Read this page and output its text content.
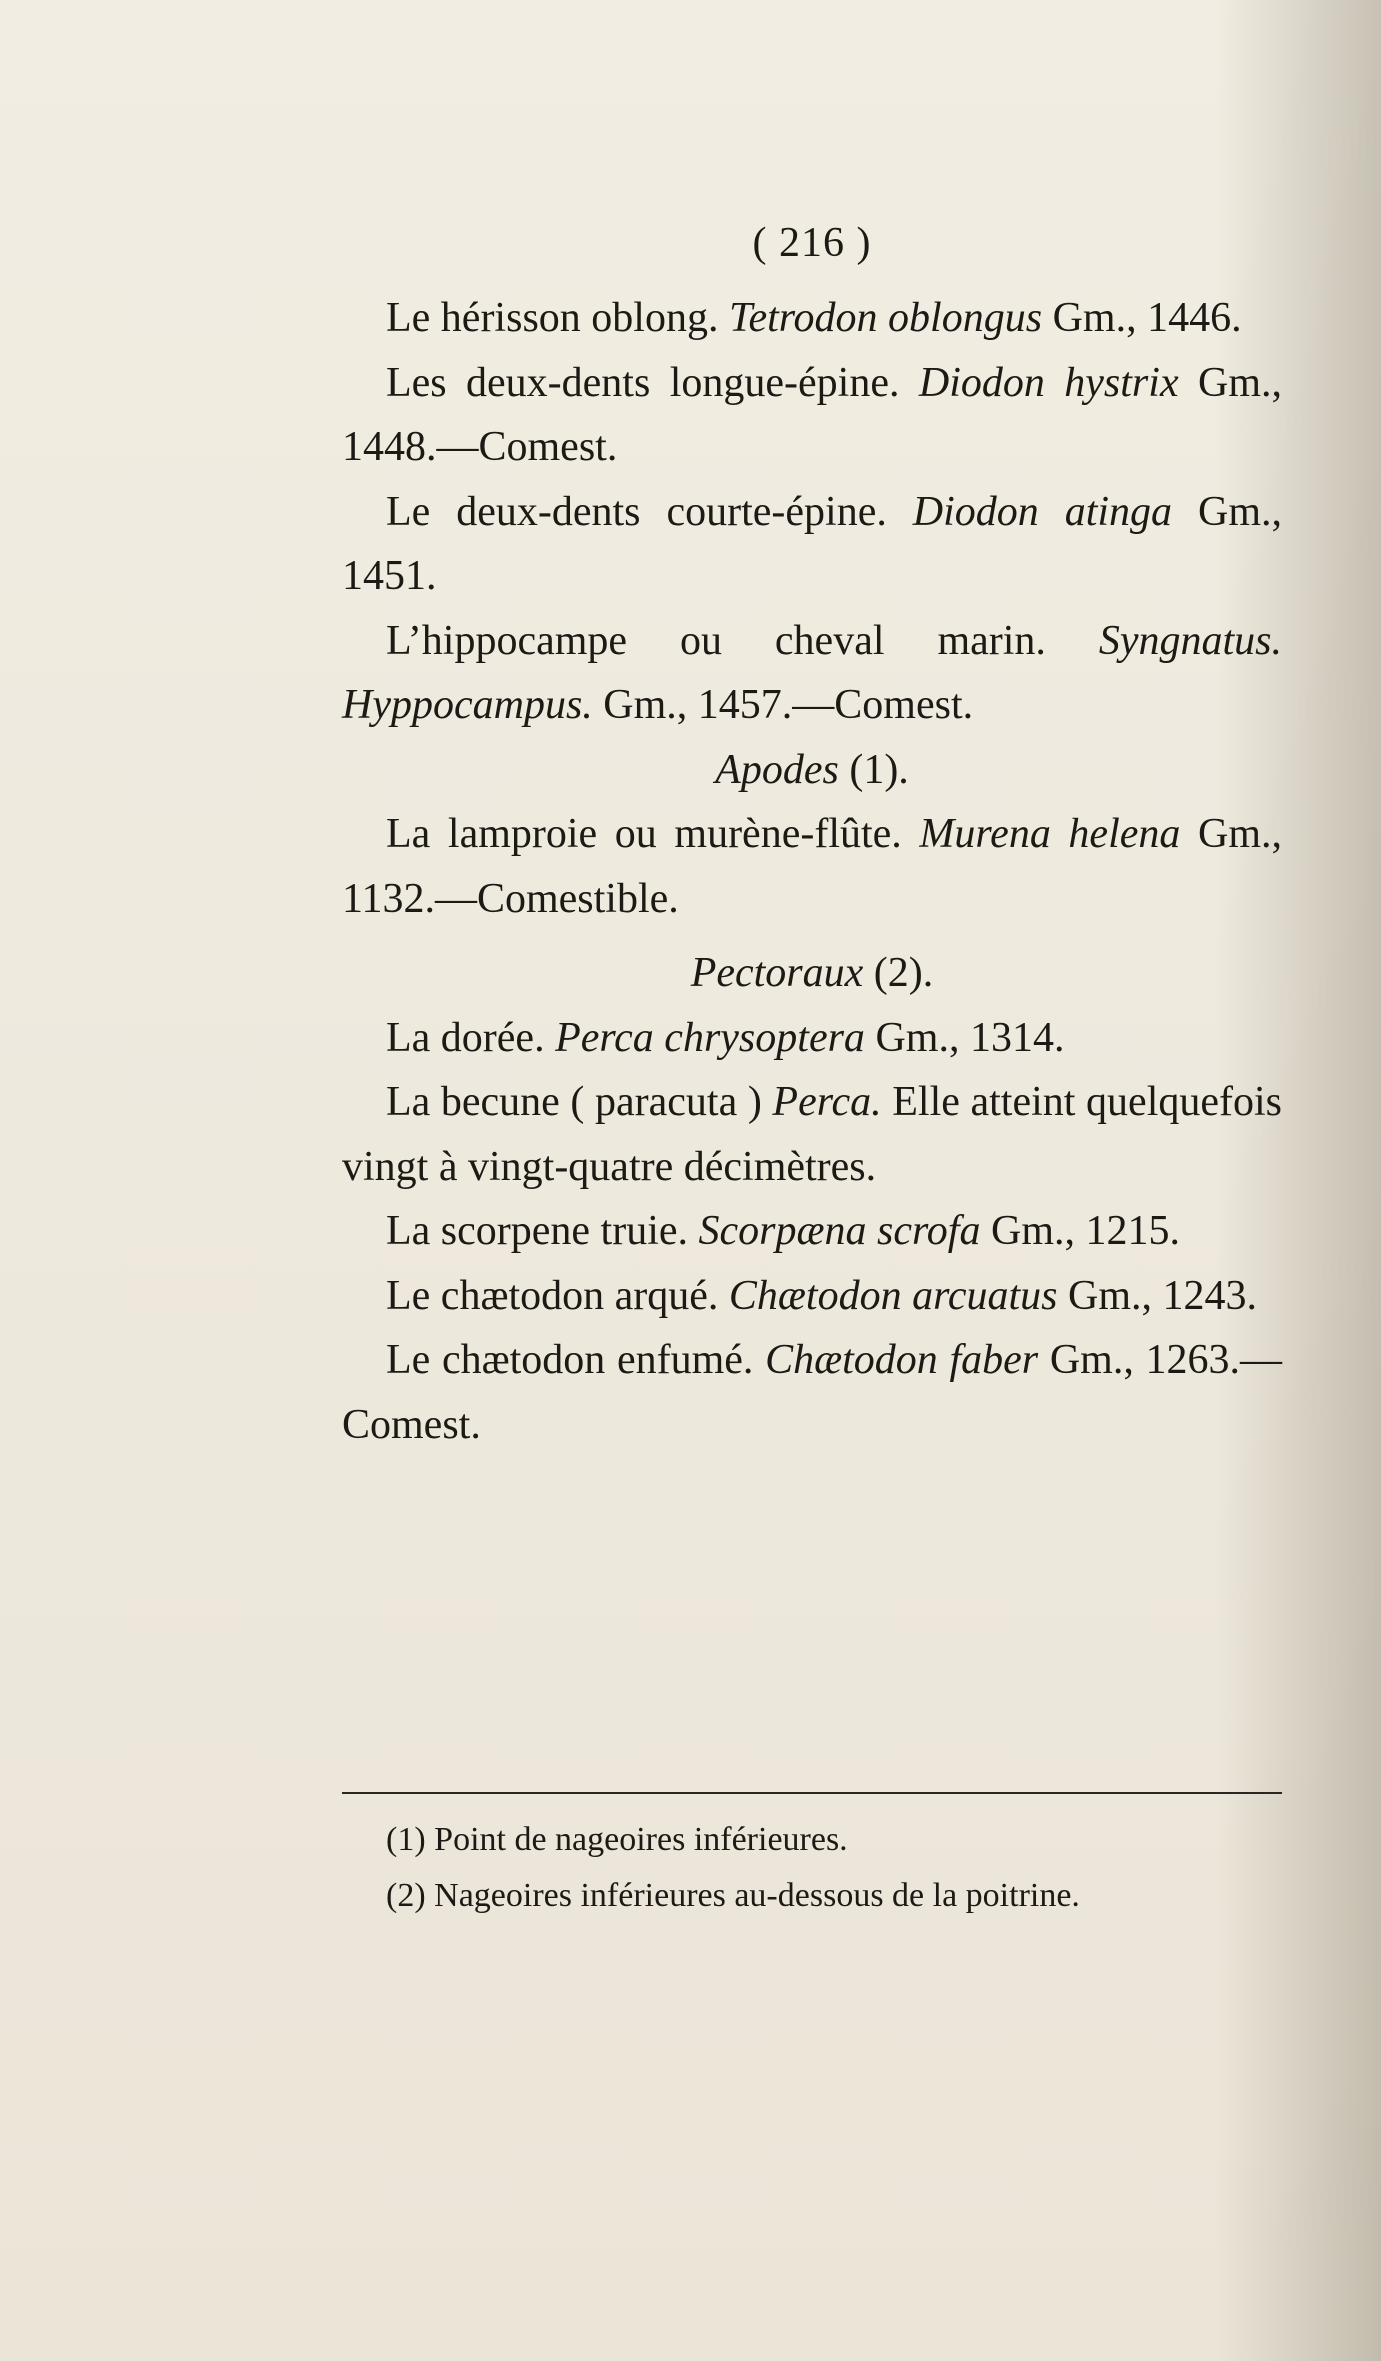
( 216 )

Le hérisson oblong. Tetrodon oblongus Gm., 1446.

Les deux-dents longue-épine. Diodon hystrix Gm., 1448.—Comest.

Le deux-dents courte-épine. Diodon atinga Gm., 1451.

L’hippocampe ou cheval marin. Syngnatus. Hyppocampus. Gm., 1457.—Comest.

Apodes (1).

La lamproie ou murène-flûte. Murena helena Gm., 1132.—Comestible.

Pectoraux (2).

La dorée. Perca chrysoptera Gm., 1314.

La becune ( paracuta ) Perca. Elle atteint quelquefois vingt à vingt-quatre décimètres.

La scorpene truie. Scorpæna scrofa Gm., 1215.

Le chætodon arqué. Chætodon arcuatus Gm., 1243.

Le chætodon enfumé. Chætodon faber Gm., 1263.—Comest.

(1) Point de nageoires inférieures.

(2) Nageoires inférieures au-dessous de la poitrine.
